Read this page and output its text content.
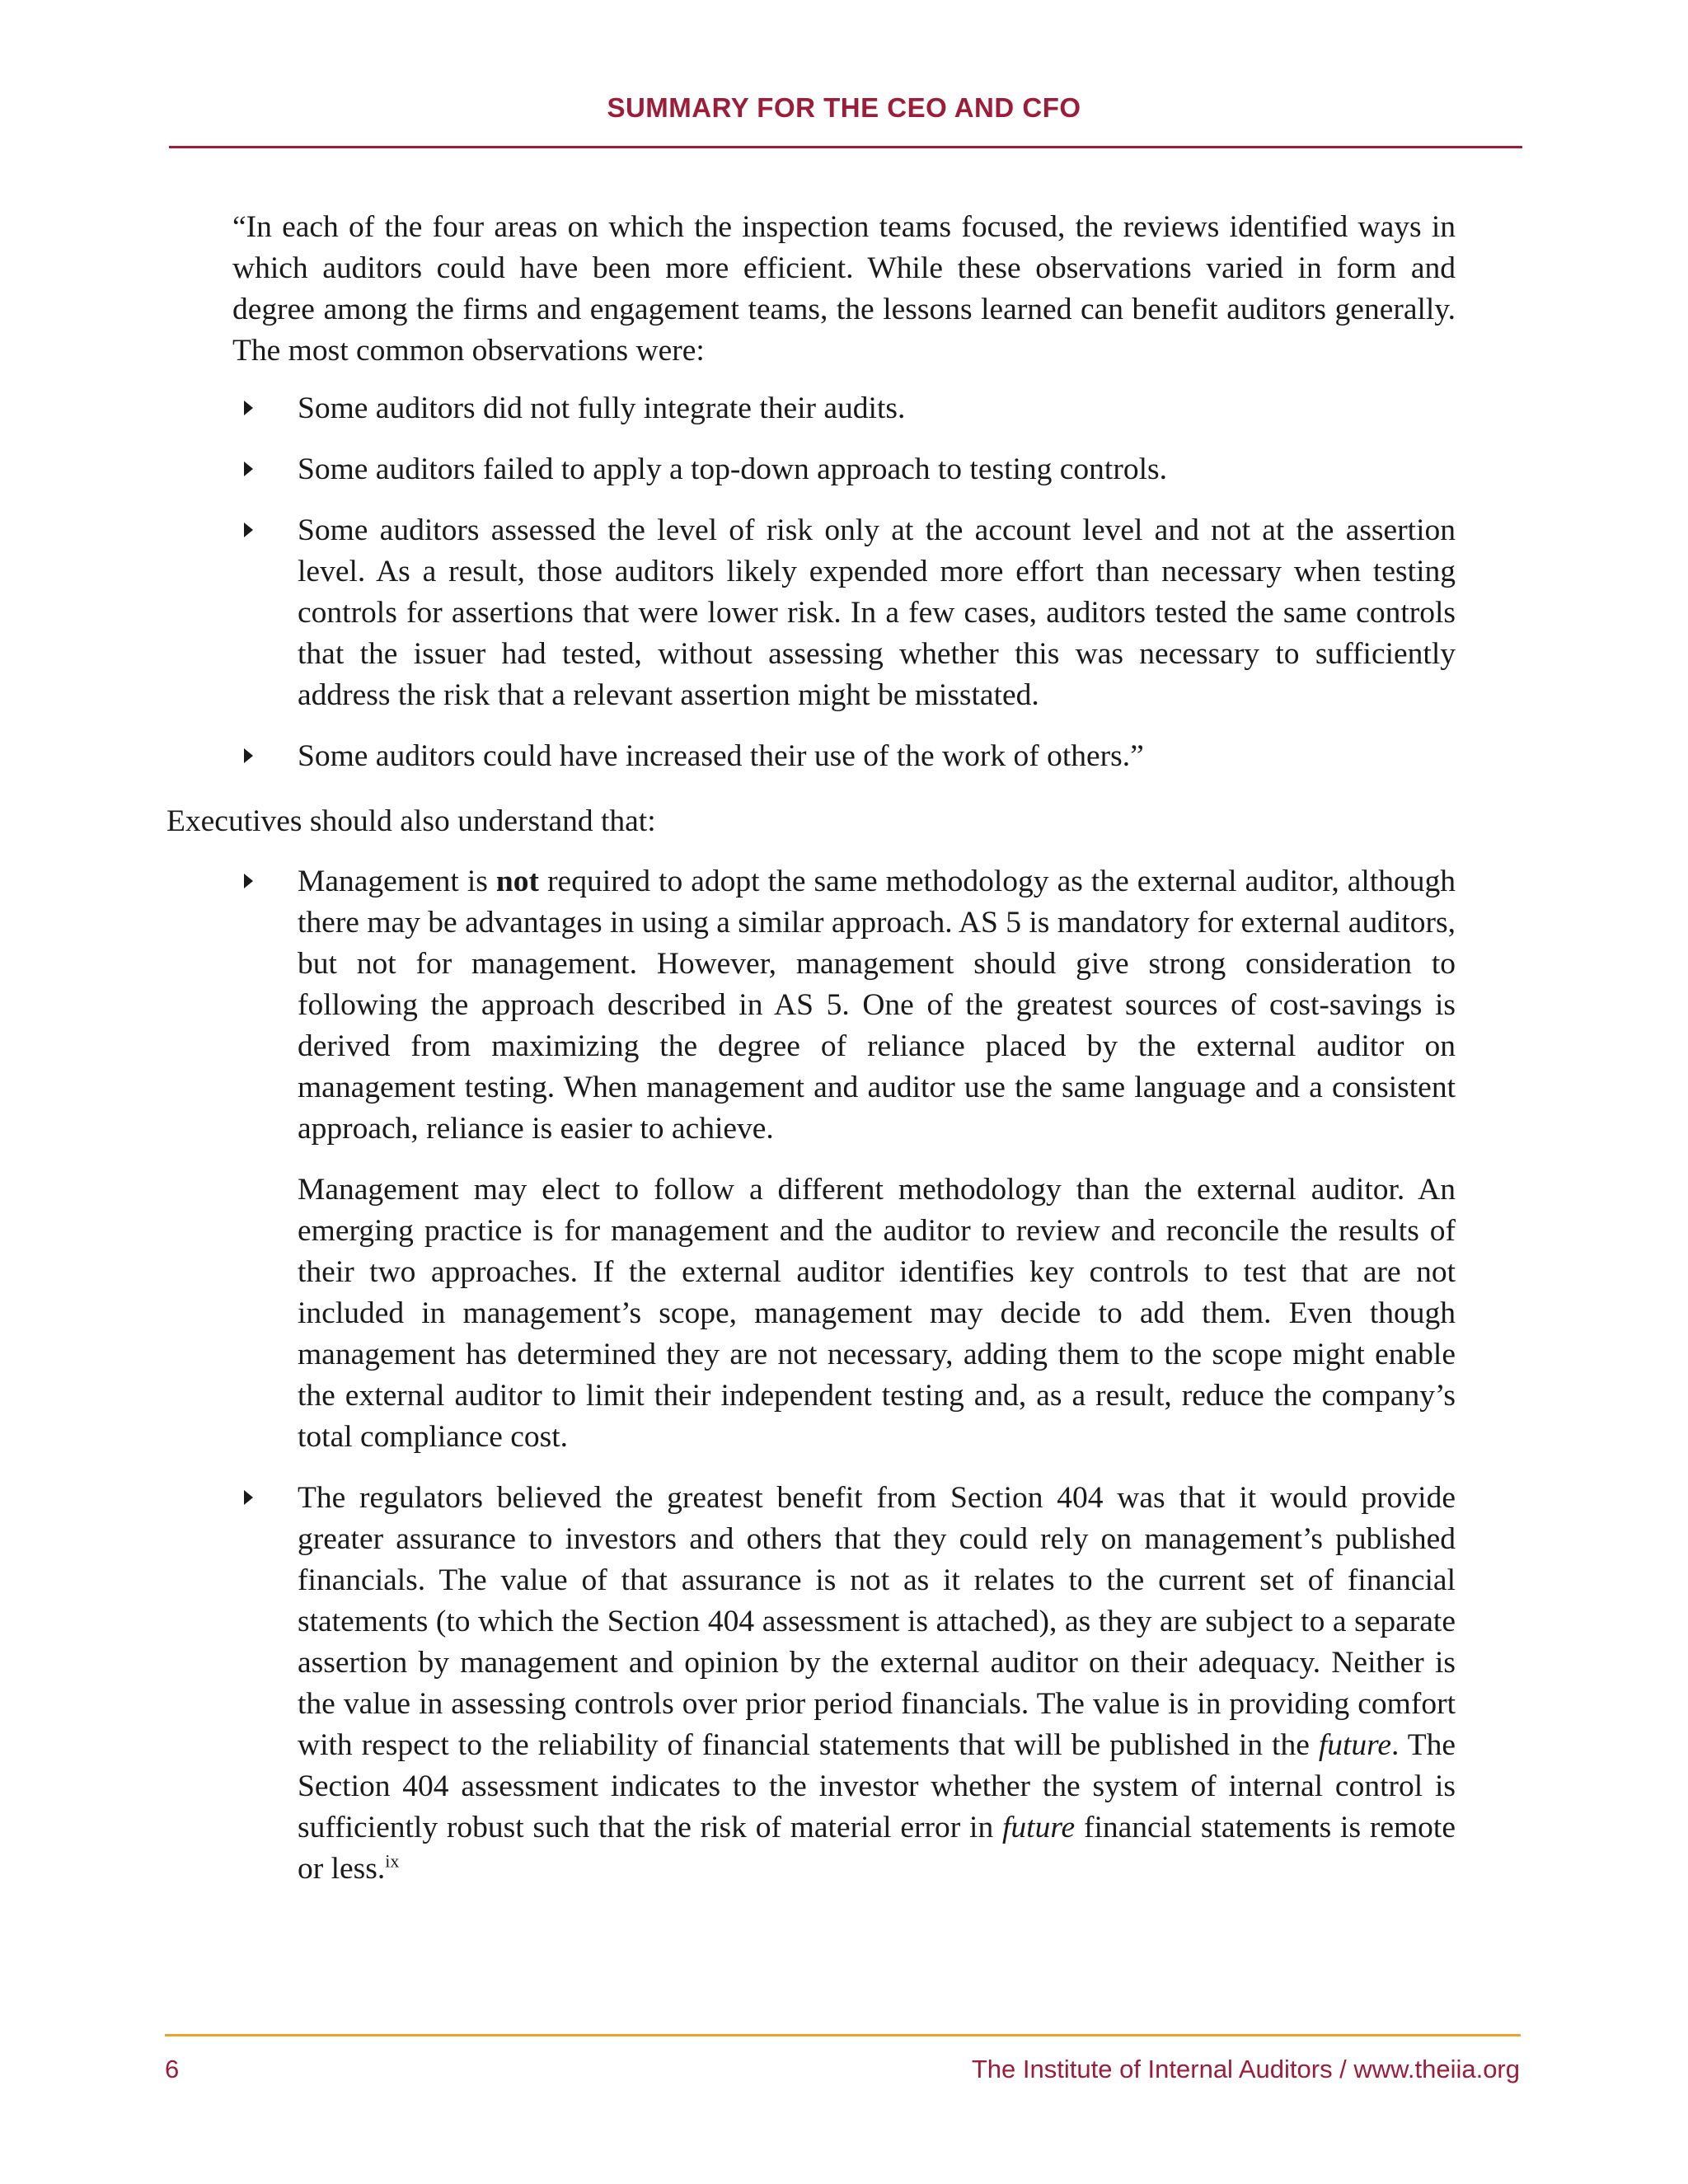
SUMMARY FOR THE CEO AND CFO

“In each of the four areas on which the inspection teams focused, the reviews identified ways in which auditors could have been more efficient. While these observations varied in form and degree among the firms and engagement teams, the lessons learned can benefit auditors generally. The most common observations were:

Some auditors did not fully integrate their audits.

Some auditors failed to apply a top-down approach to testing controls.

Some auditors assessed the level of risk only at the account level and not at the assertion level. As a result, those auditors likely expended more effort than necessary when testing controls for assertions that were lower risk. In a few cases, auditors tested the same controls that the issuer had tested, without assessing whether this was necessary to sufficiently address the risk that a relevant assertion might be misstated.

Some auditors could have increased their use of the work of others.”

Executives should also understand that:

Management is not required to adopt the same methodology as the external auditor, although there may be advantages in using a similar approach. AS 5 is mandatory for external auditors, but not for management. However, management should give strong consideration to following the approach described in AS 5. One of the greatest sources of cost-savings is derived from maximizing the degree of reliance placed by the external auditor on management testing. When management and auditor use the same language and a consistent approach, reliance is easier to achieve.

Management may elect to follow a different methodology than the external auditor. An emerging practice is for management and the auditor to review and reconcile the results of their two approaches. If the external auditor identifies key controls to test that are not included in management’s scope, management may decide to add them. Even though management has determined they are not necessary, adding them to the scope might enable the external auditor to limit their independent testing and, as a result, reduce the company’s total compliance cost.

The regulators believed the greatest benefit from Section 404 was that it would provide greater assurance to investors and others that they could rely on management’s published financials. The value of that assurance is not as it relates to the current set of financial statements (to which the Section 404 assessment is attached), as they are subject to a separate assertion by management and opinion by the external auditor on their adequacy. Neither is the value in assessing controls over prior period financials. The value is in providing comfort with respect to the reliability of financial statements that will be published in the future. The Section 404 assessment indicates to the investor whether the system of internal control is sufficiently robust such that the risk of material error in future financial statements is remote or less.$^{ix}$

6	The Institute of Internal Auditors / www.theiia.org
